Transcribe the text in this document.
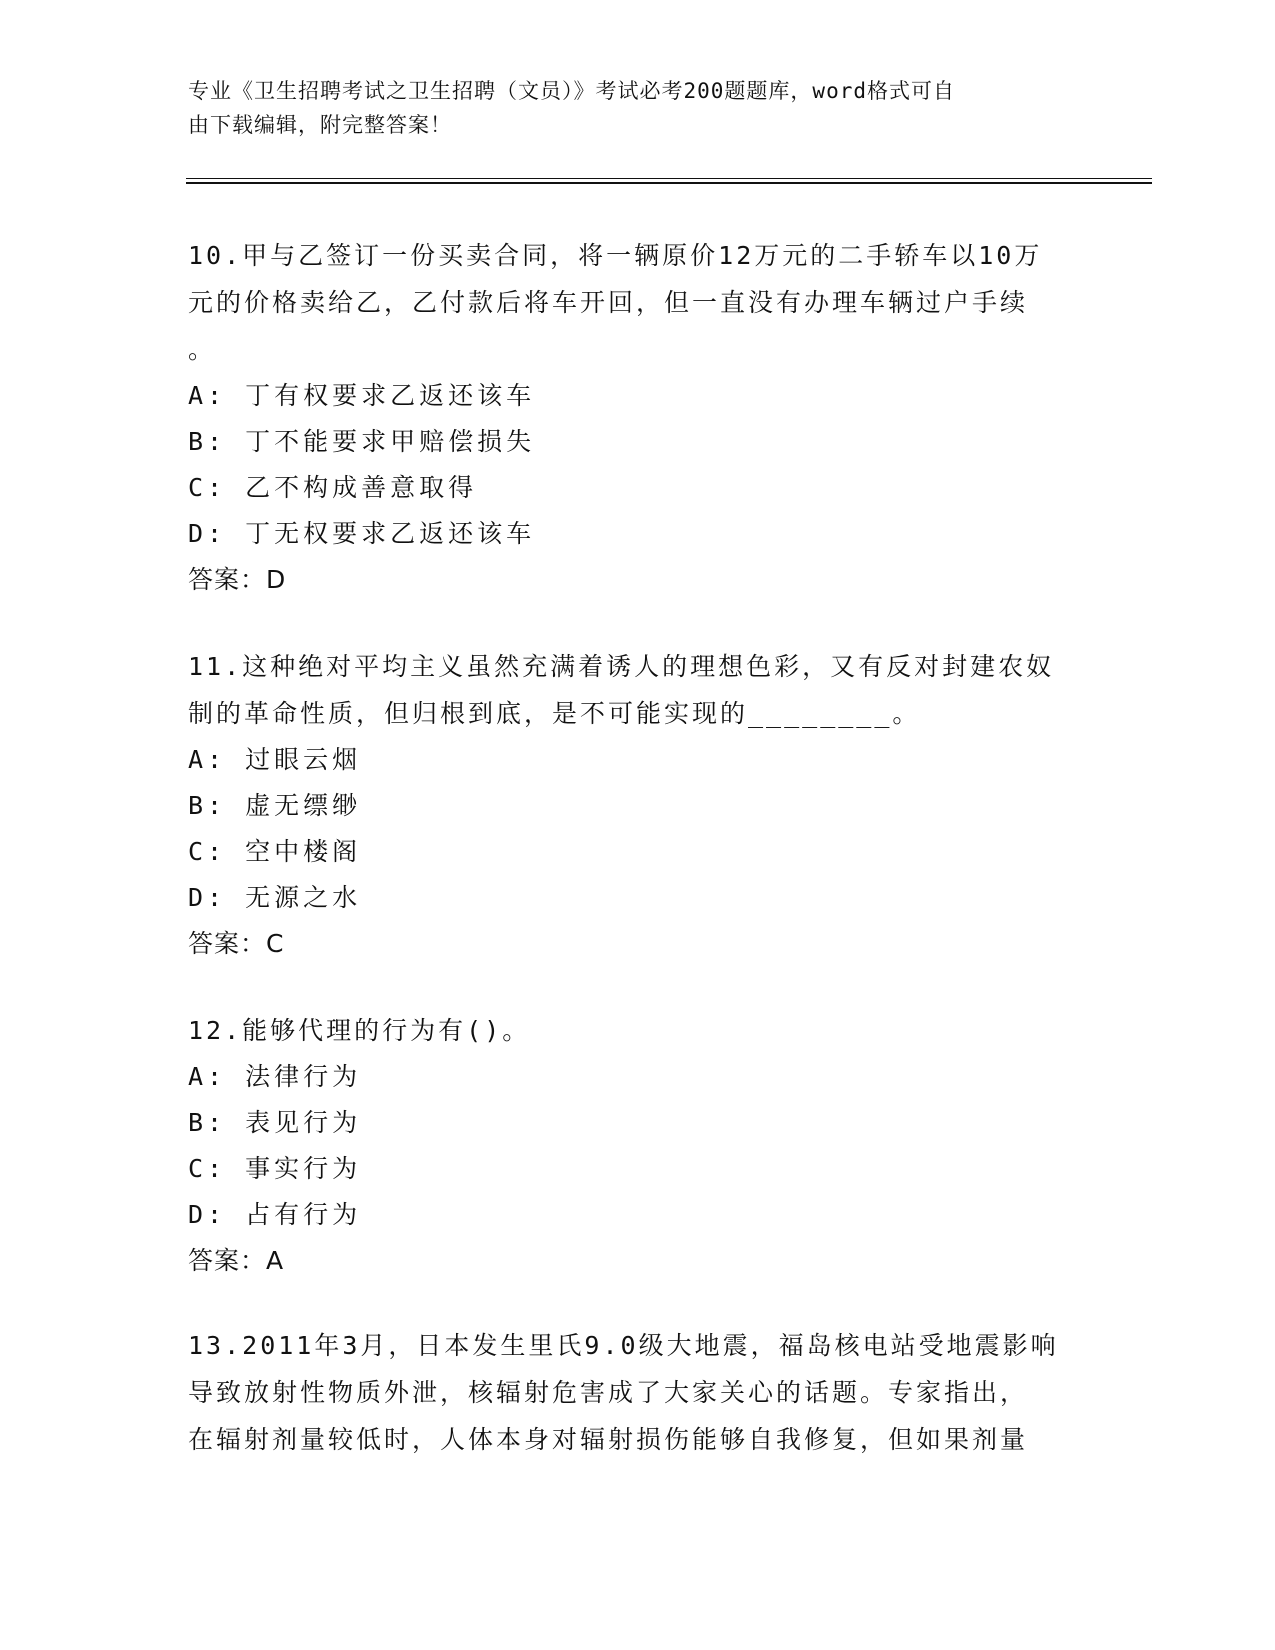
专业《卫生招聘考试之卫生招聘（文员）》考试必考200题题库，word格式可自
由下载编辑，附完整答案！
10.甲与乙签订一份买卖合同，将一辆原价12万元的二手轿车以10万
元的价格卖给乙，乙付款后将车开回，但一直没有办理车辆过户手续
。
A: 丁有权要求乙返还该车
B: 丁不能要求甲赔偿损失
C: 乙不构成善意取得
D: 丁无权要求乙返还该车
答案：D
11.这种绝对平均主义虽然充满着诱人的理想色彩，又有反对封建农奴
制的革命性质，但归根到底，是不可能实现的________。
A: 过眼云烟
B: 虚无缥缈
C: 空中楼阁
D: 无源之水
答案：C
12.能够代理的行为有()。
A: 法律行为
B: 表见行为
C: 事实行为
D: 占有行为
答案：A
13.2011年3月，日本发生里氏9.0级大地震，福岛核电站受地震影响
导致放射性物质外泄，核辐射危害成了大家关心的话题。专家指出，
在辐射剂量较低时，人体本身对辐射损伤能够自我修复，但如果剂量
